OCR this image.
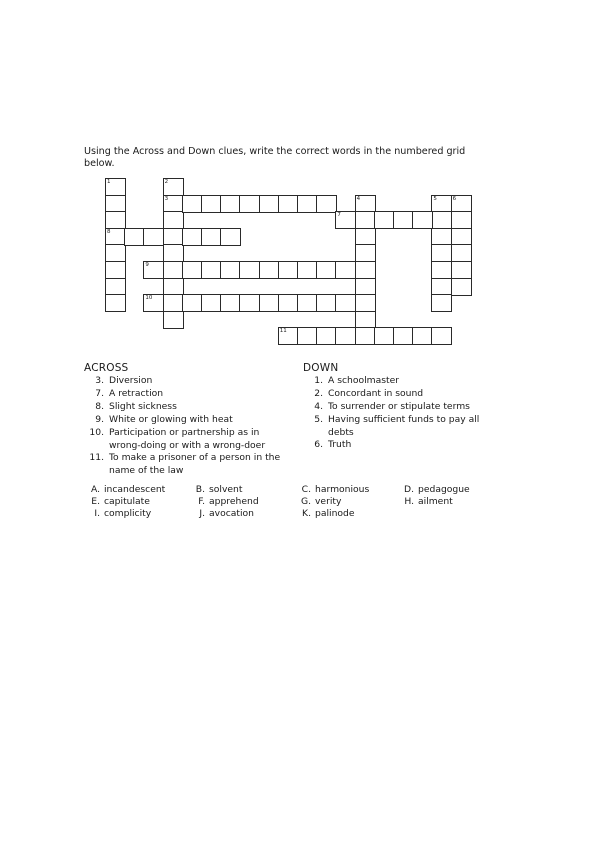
Using the Across and Down clues, write the correct words in the numbered grid below.

1
8
2
3	4	5	6
7
9
10
11
ACROSS	DOWN
3. Diversion
7. A retraction
8. Slight sickness
9. White or glowing with heat
10. Participation or partnership as in wrong-doing or with a wrong-doer
11. To make a prisoner of a person in the name of the law
1. A schoolmaster
2. Concordant in sound
4. To surrender or stipulate terms
5. Having sufficient funds to pay all debts
6. Truth
A. incandescent	B. solvent	C. harmonious	D. pedagogue
E. capitulate	F. apprehend	G. verity	H. ailment
I. complicity	J. avocation	K. palinode
